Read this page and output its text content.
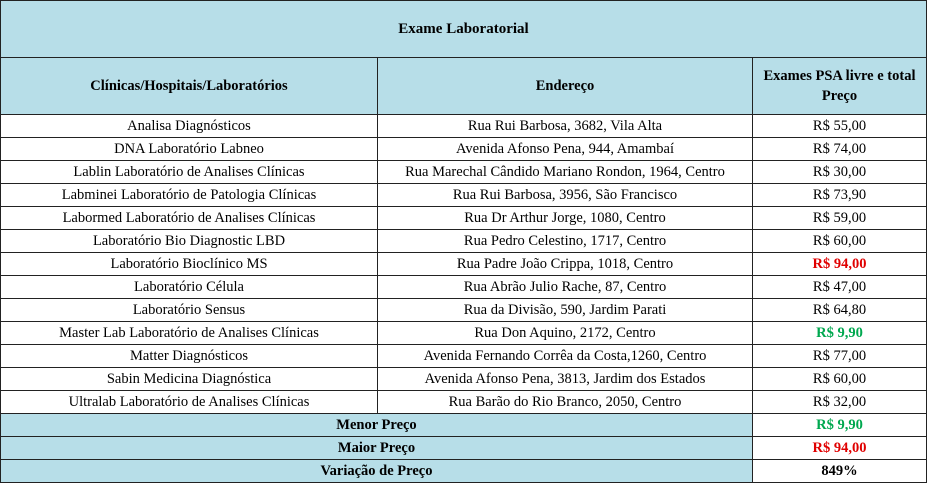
Exame Laboratorial		
Clínicas/Hospitais/Laboratórios	Endereço	Exames PSA livre e total Preço
Analisa Diagnósticos	Rua Rui Barbosa, 3682, Vila Alta	R$ 55,00
DNA Laboratório Labneo	Avenida Afonso Pena, 944, Amambaí	R$ 74,00
Lablin Laboratório de Analises Clínicas	Rua Marechal Cândido Mariano Rondon, 1964, Centro	R$ 30,00
Labminei Laboratório de Patologia Clínicas	Rua Rui Barbosa, 3956, São Francisco	R$ 73,90
Labormed Laboratório de Analises Clínicas	Rua Dr Arthur Jorge, 1080, Centro	R$ 59,00
Laboratório Bio Diagnostic LBD	Rua Pedro Celestino, 1717, Centro	R$ 60,00
Laboratório Bioclínico MS	Rua Padre João Crippa, 1018, Centro	R$ 94,00
Laboratório Célula	Rua Abrão Julio Rache, 87, Centro	R$ 47,00
Laboratório Sensus	Rua da Divisão, 590, Jardim Parati	R$ 64,80
Master Lab Laboratório de Analises Clínicas	Rua Don Aquino, 2172, Centro	R$ 9,90
Matter Diagnósticos	Avenida Fernando Corrêa da Costa,1260, Centro	R$ 77,00
Sabin Medicina Diagnóstica	Avenida Afonso Pena, 3813, Jardim dos Estados	R$ 60,00
Ultralab Laboratório de Analises Clínicas	Rua Barão do Rio Branco, 2050, Centro	R$ 32,00
Menor Preço		R$ 9,90
Maior Preço		R$ 94,00
Variação de Preço		849%
